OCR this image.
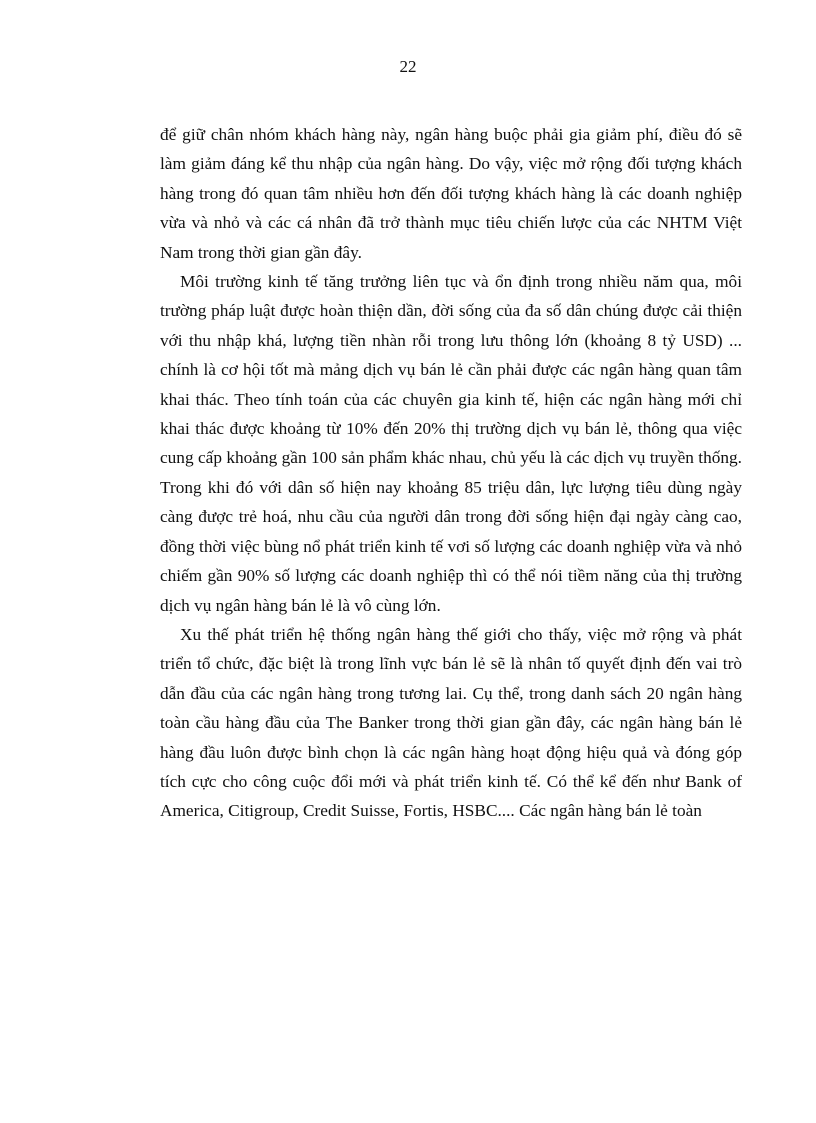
22

để giữ chân nhóm khách hàng này, ngân hàng buộc phải gia giảm phí, điều đó sẽ làm giảm đáng kể thu nhập của ngân hàng. Do vậy, việc mở rộng đối tượng khách hàng trong đó quan tâm nhiều hơn đến đối tượng khách hàng là các doanh nghiệp vừa và nhỏ và các cá nhân đã trở thành mục tiêu chiến lược của các NHTM Việt Nam trong thời gian gần đây.

Môi trường kinh tế tăng trưởng liên tục và ổn định trong nhiều năm qua, môi trường pháp luật được hoàn thiện dần, đời sống của đa số dân chúng được cải thiện với thu nhập khá, lượng tiền nhàn rỗi trong lưu thông lớn (khoảng 8 tỷ USD) ... chính là cơ hội tốt mà mảng dịch vụ bán lẻ cần phải được các ngân hàng quan tâm khai thác. Theo tính toán của các chuyên gia kinh tế, hiện các ngân hàng mới chỉ khai thác được khoảng từ 10% đến 20% thị trường dịch vụ bán lẻ, thông qua việc cung cấp khoảng gần 100 sản phẩm khác nhau, chủ yếu là các dịch vụ truyền thống. Trong khi đó với dân số hiện nay khoảng 85 triệu dân, lực lượng tiêu dùng ngày càng được trẻ hoá, nhu cầu của người dân trong đời sống hiện đại ngày càng cao, đồng thời việc bùng nổ phát triển kinh tế vơi số lượng các doanh nghiệp vừa và nhỏ chiếm gần 90% số lượng các doanh nghiệp thì có thể nói tiềm năng của thị trường dịch vụ ngân hàng bán lẻ là vô cùng lớn.

Xu thế phát triển hệ thống ngân hàng thế giới cho thấy, việc mở rộng và phát triển tổ chức, đặc biệt là trong lĩnh vực bán lẻ sẽ là nhân tố quyết định đến vai trò dẫn đầu của các ngân hàng trong tương lai. Cụ thể, trong danh sách 20 ngân hàng toàn cầu hàng đầu của The Banker trong thời gian gần đây, các ngân hàng bán lẻ hàng đầu luôn được bình chọn là các ngân hàng hoạt động hiệu quả và đóng góp tích cực cho công cuộc đổi mới và phát triển kinh tế. Có thể kể đến như Bank of America, Citigroup, Credit Suisse, Fortis, HSBC.... Các ngân hàng bán lẻ toàn
